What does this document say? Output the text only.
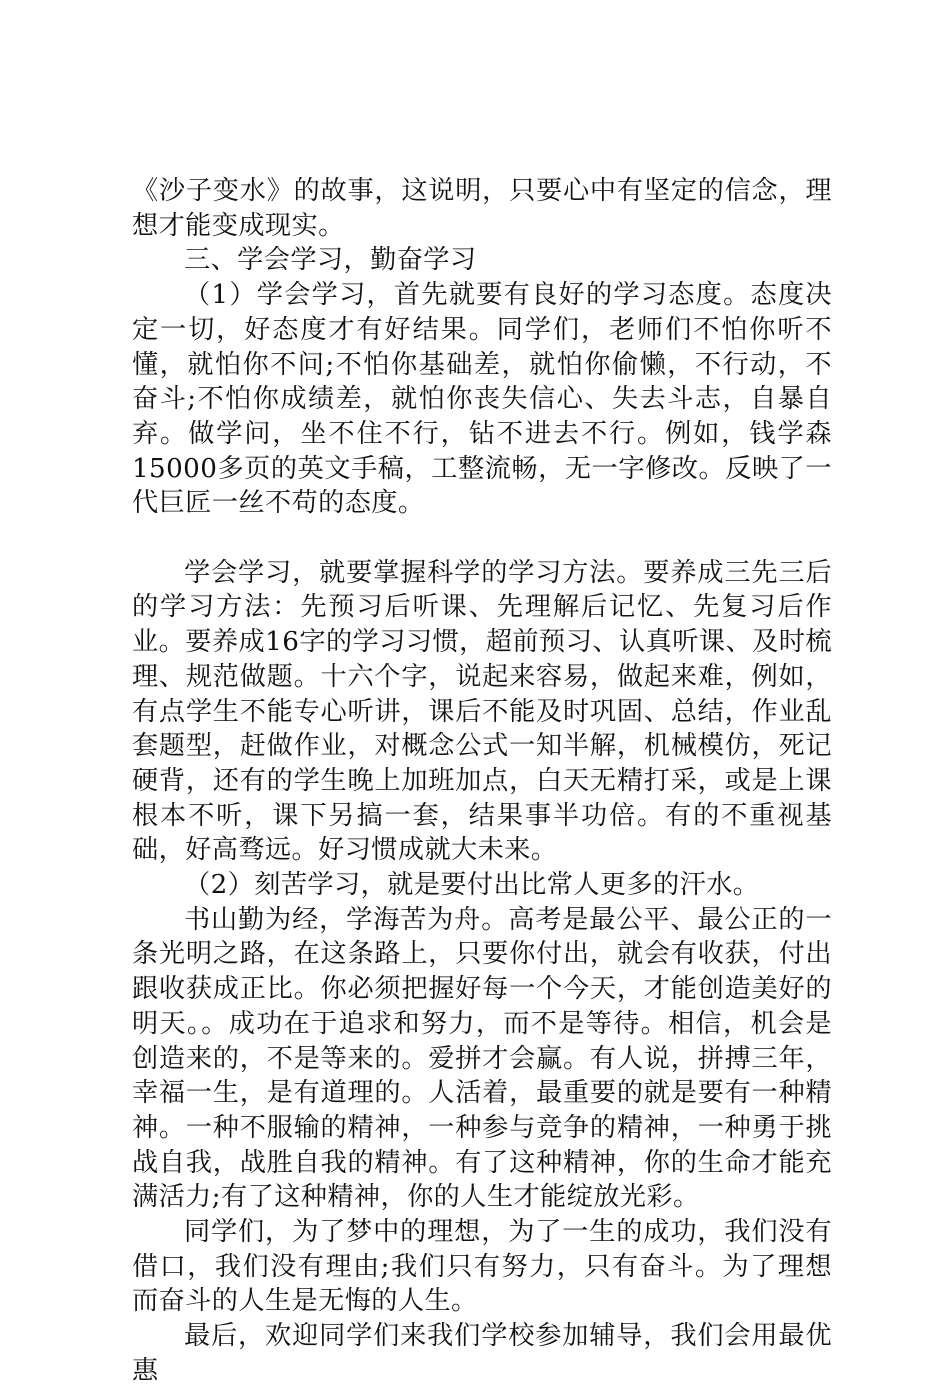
《沙子变水》的故事，这说明，只要心中有坚定的信念，理想才能变成现实。

三、学会学习，勤奋学习

（1）学会学习，首先就要有良好的学习态度。态度决定一切，好态度才有好结果。同学们，老师们不怕你听不懂，就怕你不问;不怕你基础差，就怕你偷懒，不行动，不奋斗;不怕你成绩差，就怕你丧失信心、失去斗志，自暴自弃。做学问，坐不住不行，钻不进去不行。例如，钱学森15000多页的英文手稿，工整流畅，无一字修改。反映了一代巨匠一丝不苟的态度。

学会学习，就要掌握科学的学习方法。要养成三先三后的学习方法：先预习后听课、先理解后记忆、先复习后作业。要养成16字的学习习惯，超前预习、认真听课、及时梳理、规范做题。十六个字，说起来容易，做起来难，例如，有点学生不能专心听讲，课后不能及时巩固、总结，作业乱套题型，赶做作业，对概念公式一知半解，机械模仿，死记硬背，还有的学生晚上加班加点，白天无精打采，或是上课根本不听，课下另搞一套，结果事半功倍。有的不重视基础，好高骛远。好习惯成就大未来。

（2）刻苦学习，就是要付出比常人更多的汗水。

书山勤为经，学海苦为舟。高考是最公平、最公正的一条光明之路，在这条路上，只要你付出，就会有收获，付出跟收获成正比。你必须把握好每一个今天，才能创造美好的明天。。成功在于追求和努力，而不是等待。相信，机会是创造来的，不是等来的。爱拼才会赢。有人说，拼搏三年，幸福一生，是有道理的。人活着，最重要的就是要有一种精神。一种不服输的精神，一种参与竞争的精神，一种勇于挑战自我，战胜自我的精神。有了这种精神，你的生命才能充满活力;有了这种精神，你的人生才能绽放光彩。

同学们，为了梦中的理想，为了一生的成功，我们没有借口，我们没有理由;我们只有努力，只有奋斗。为了理想而奋斗的人生是无悔的人生。

最后，欢迎同学们来我们学校参加辅导，我们会用最优惠
